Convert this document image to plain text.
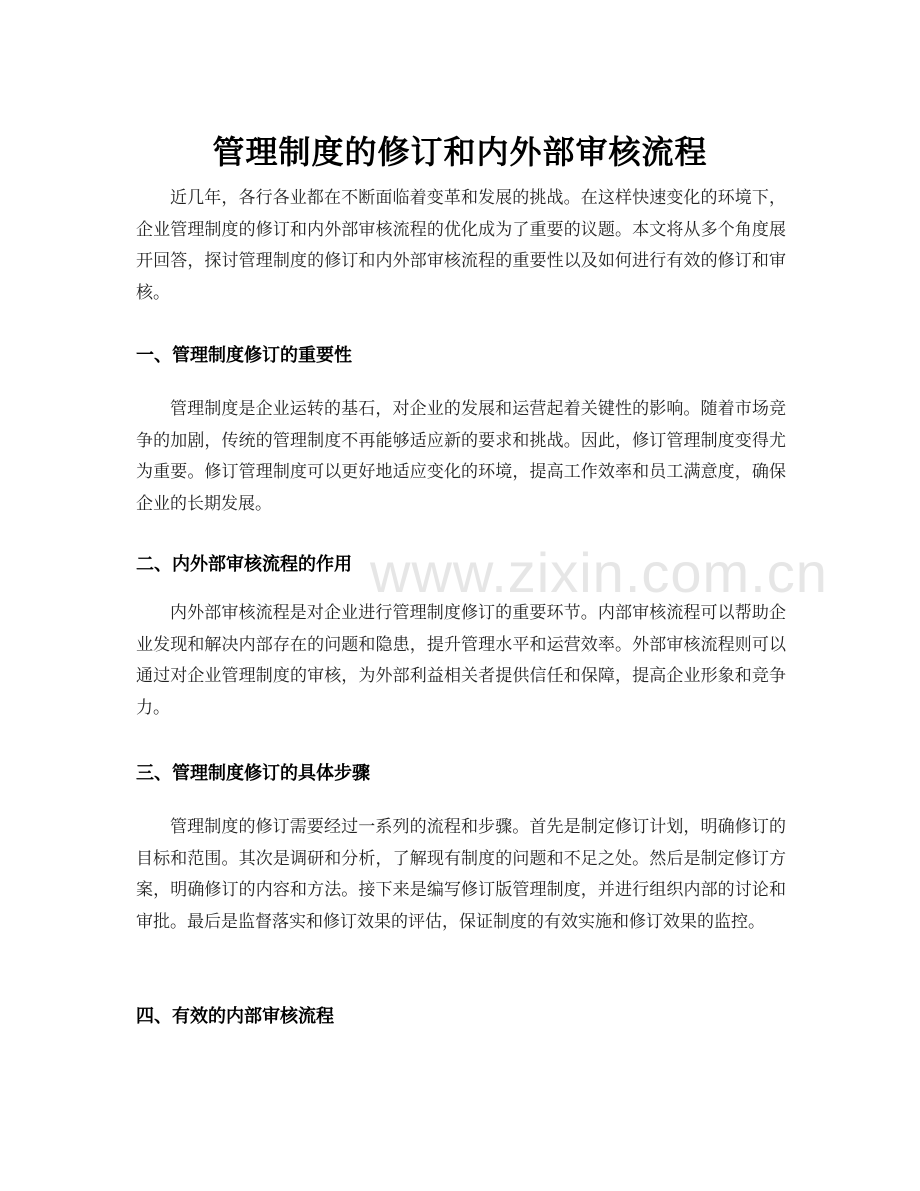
管理制度的修订和内外部审核流程

近几年，各行各业都在不断面临着变革和发展的挑战。在这样快速变化的环境下，企业管理制度的修订和内外部审核流程的优化成为了重要的议题。本文将从多个角度展开回答，探讨管理制度的修订和内外部审核流程的重要性以及如何进行有效的修订和审核。

一、管理制度修订的重要性

管理制度是企业运转的基石，对企业的发展和运营起着关键性的影响。随着市场竞争的加剧，传统的管理制度不再能够适应新的要求和挑战。因此，修订管理制度变得尤为重要。修订管理制度可以更好地适应变化的环境，提高工作效率和员工满意度，确保企业的长期发展。

二、内外部审核流程的作用

内外部审核流程是对企业进行管理制度修订的重要环节。内部审核流程可以帮助企业发现和解决内部存在的问题和隐患，提升管理水平和运营效率。外部审核流程则可以通过对企业管理制度的审核，为外部利益相关者提供信任和保障，提高企业形象和竞争力。

三、管理制度修订的具体步骤

管理制度的修订需要经过一系列的流程和步骤。首先是制定修订计划，明确修订的目标和范围。其次是调研和分析，了解现有制度的问题和不足之处。然后是制定修订方案，明确修订的内容和方法。接下来是编写修订版管理制度，并进行组织内部的讨论和审批。最后是监督落实和修订效果的评估，保证制度的有效实施和修订效果的监控。

四、有效的内部审核流程
www.zixin.com.cn
